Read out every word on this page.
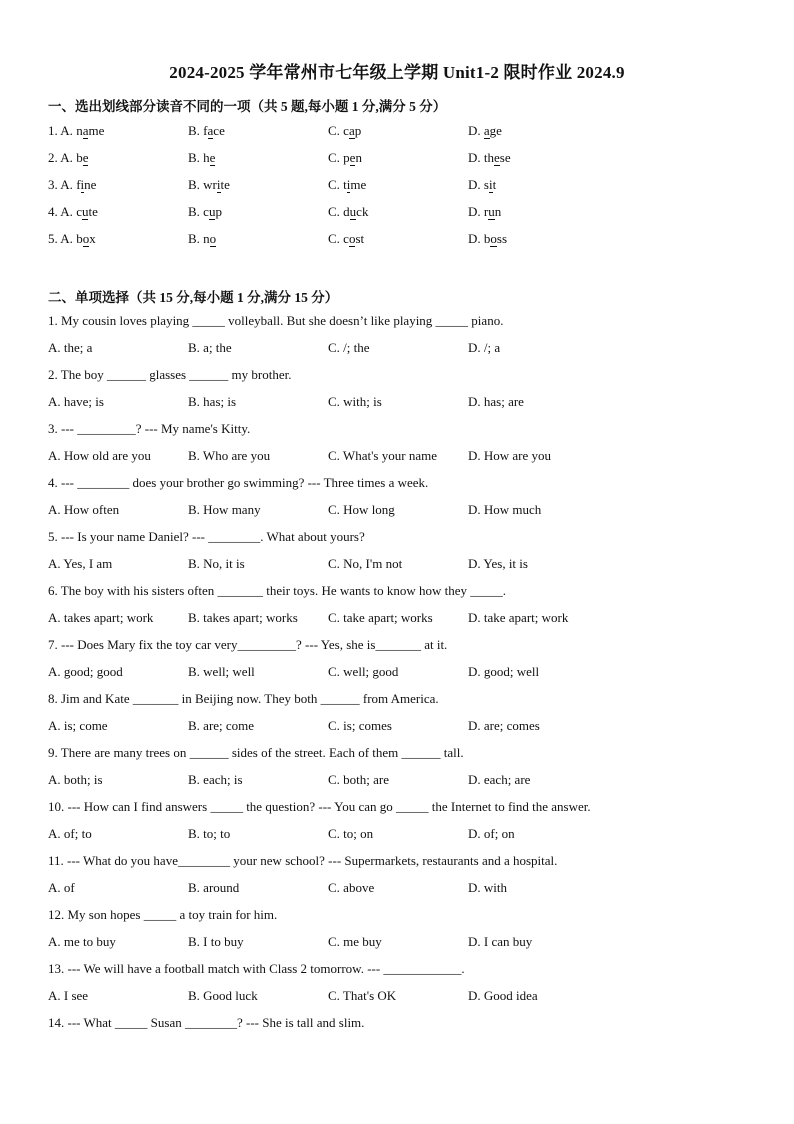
2024-2025 学年常州市七年级上学期 Unit1-2 限时作业 2024.9
一、选出划线部分读音不同的一项（共 5 题,每小题 1 分,满分 5 分）
1. A. name	B. face	C. cap	D. age
2. A. be	B. he	C. pen	D. these
3. A. fine	B. write	C. time	D. sit
4. A. cute	B. cup	C. duck	D. run
5. A. box	B. no	C. cost	D. boss
二、单项选择（共 15 分,每小题 1 分,满分 15 分）
1. My cousin loves playing _____ volleyball. But she doesn’t like playing _____ piano.
A. the; a	B. a; the	C. /; the	D. /; a
2. The boy ______ glasses ______ my brother.
A. have; is	B. has; is	C. with; is	D. has; are
3. --- _________? --- My name's Kitty.
A. How old are you	B. Who are you	C. What's your name D. How are you
4. --- ________ does your brother go swimming? --- Three times a week.
A. How often	B. How many	C. How long	D. How much
5. --- Is your name Daniel? --- ________. What about yours?
A. Yes, I am	B. No, it is	C. No, I'm not	D. Yes, it is
6. The boy with his sisters often _______ their toys. He wants to know how they _____.
A. takes apart; work	B. takes apart; works C. take apart; works	D. take apart; work
7. --- Does Mary fix the toy car very_________? --- Yes, she is_______ at it.
A. good; good	B. well; well	C. well; good	D. good; well
8. Jim and Kate _______ in Beijing now. They both ______ from America.
A. is; come	B. are; come	C. is; comes	D. are; comes
9. There are many trees on ______ sides of the street. Each of them ______ tall.
A. both; is	B. each; is	C. both; are	D. each; are
10. --- How can I find answers _____ the question? --- You can go _____ the Internet to find the answer.
A. of; to	B. to; to	C. to; on	D. of; on
11. --- What do you have________ your new school? --- Supermarkets, restaurants and a hospital.
A. of	B. around	C. above	D. with
12. My son hopes _____ a toy train for him.
A. me to buy	B. I to buy	C. me buy	D. I can buy
13. --- We will have a football match with Class 2 tomorrow. --- ____________.
A. I see	B. Good luck	C. That's OK	D. Good idea
14. --- What _____ Susan ________? --- She is tall and slim.
